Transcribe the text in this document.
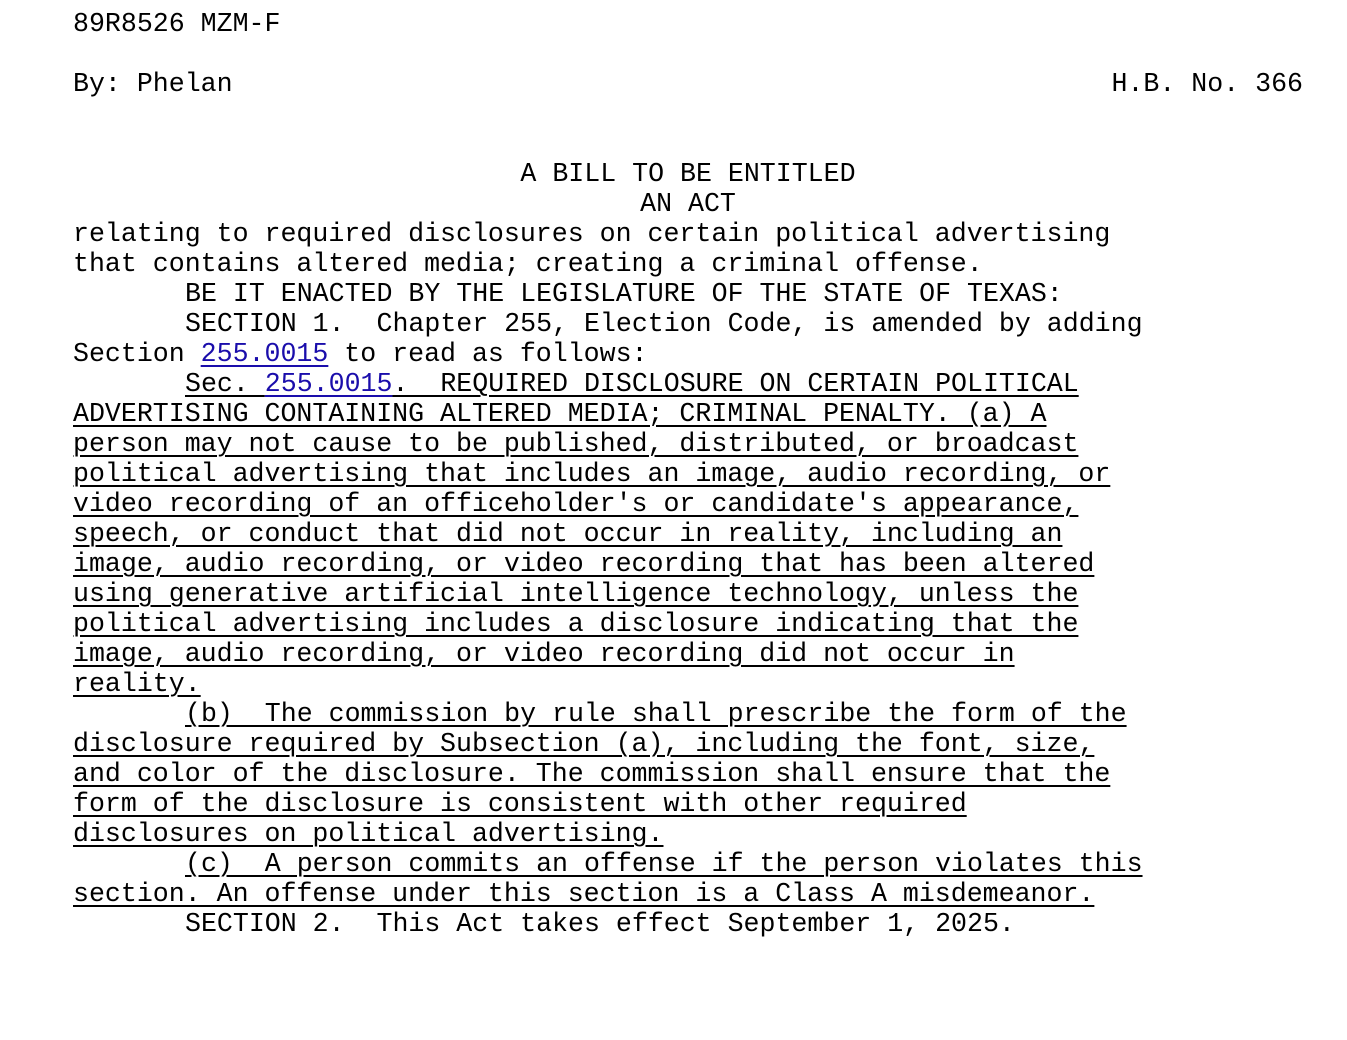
89R8526 MZM-F
By: Phelan	H.B. No. 366
A BILL TO BE ENTITLED
AN ACT
relating to required disclosures on certain political advertising
that contains altered media; creating a criminal offense.
BE IT ENACTED BY THE LEGISLATURE OF THE STATE OF TEXAS:
SECTION 1.  Chapter 255, Election Code, is amended by adding
Section 255.0015 to read as follows:
Sec. 255.0015.  REQUIRED DISCLOSURE ON CERTAIN POLITICAL
ADVERTISING CONTAINING ALTERED MEDIA; CRIMINAL PENALTY. (a) A
person may not cause to be published, distributed, or broadcast
political advertising that includes an image, audio recording, or
video recording of an officeholder's or candidate's appearance,
speech, or conduct that did not occur in reality, including an
image, audio recording, or video recording that has been altered
using generative artificial intelligence technology, unless the
political advertising includes a disclosure indicating that the
image, audio recording, or video recording did not occur in
reality.
(b)  The commission by rule shall prescribe the form of the
disclosure required by Subsection (a), including the font, size,
and color of the disclosure. The commission shall ensure that the
form of the disclosure is consistent with other required
disclosures on political advertising.
(c)  A person commits an offense if the person violates this
section. An offense under this section is a Class A misdemeanor.
SECTION 2.  This Act takes effect September 1, 2025.
